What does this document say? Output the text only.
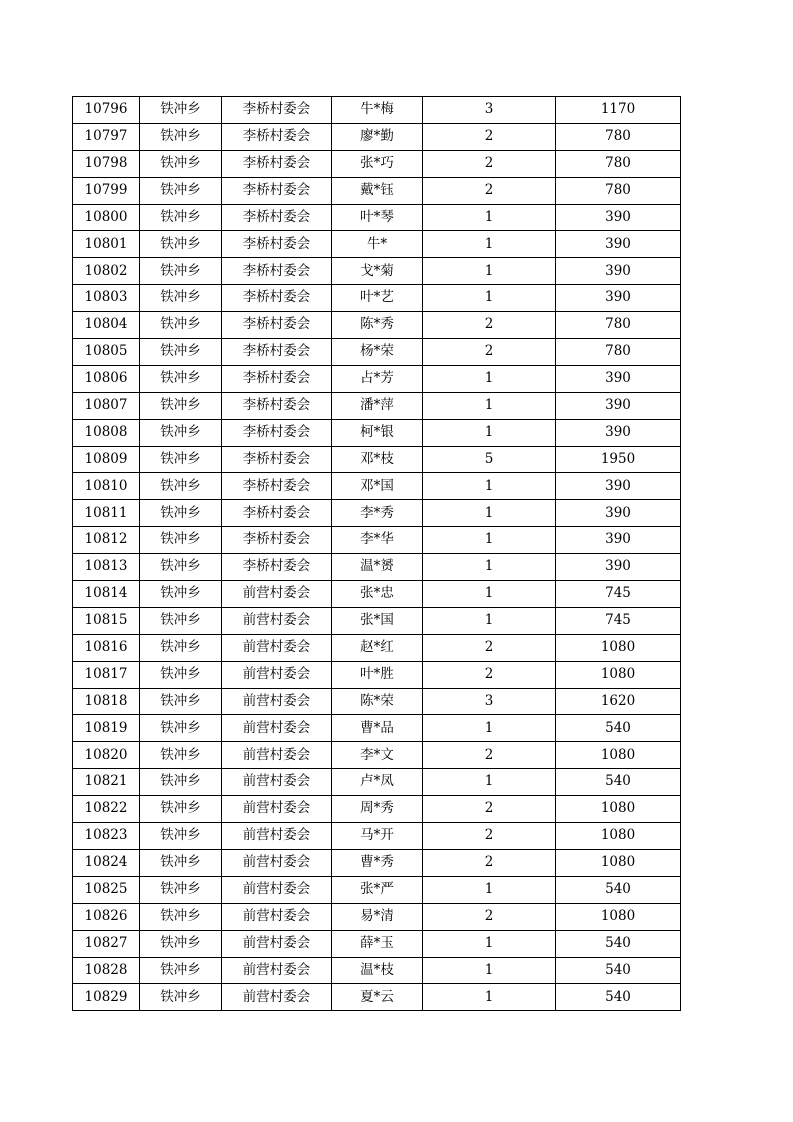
10796	铁冲乡	李桥村委会	牛*梅	3	1170
10797	铁冲乡	李桥村委会	廖*勤	2	780
10798	铁冲乡	李桥村委会	张*巧	2	780
10799	铁冲乡	李桥村委会	戴*钰	2	780
10800	铁冲乡	李桥村委会	叶*琴	1	390
10801	铁冲乡	李桥村委会	牛*	1	390
10802	铁冲乡	李桥村委会	戈*菊	1	390
10803	铁冲乡	李桥村委会	叶*艺	1	390
10804	铁冲乡	李桥村委会	陈*秀	2	780
10805	铁冲乡	李桥村委会	杨*荣	2	780
10806	铁冲乡	李桥村委会	占*芳	1	390
10807	铁冲乡	李桥村委会	潘*萍	1	390
10808	铁冲乡	李桥村委会	柯*银	1	390
10809	铁冲乡	李桥村委会	邓*枝	5	1950
10810	铁冲乡	李桥村委会	邓*国	1	390
10811	铁冲乡	李桥村委会	李*秀	1	390
10812	铁冲乡	李桥村委会	李*华	1	390
10813	铁冲乡	李桥村委会	温*赟	1	390
10814	铁冲乡	前营村委会	张*忠	1	745
10815	铁冲乡	前营村委会	张*国	1	745
10816	铁冲乡	前营村委会	赵*红	2	1080
10817	铁冲乡	前营村委会	叶*胜	2	1080
10818	铁冲乡	前营村委会	陈*荣	3	1620
10819	铁冲乡	前营村委会	曹*品	1	540
10820	铁冲乡	前营村委会	李*文	2	1080
10821	铁冲乡	前营村委会	卢*凤	1	540
10822	铁冲乡	前营村委会	周*秀	2	1080
10823	铁冲乡	前营村委会	马*开	2	1080
10824	铁冲乡	前营村委会	曹*秀	2	1080
10825	铁冲乡	前营村委会	张*严	1	540
10826	铁冲乡	前营村委会	易*清	2	1080
10827	铁冲乡	前营村委会	薛*玉	1	540
10828	铁冲乡	前营村委会	温*枝	1	540
10829	铁冲乡	前营村委会	夏*云	1	540
